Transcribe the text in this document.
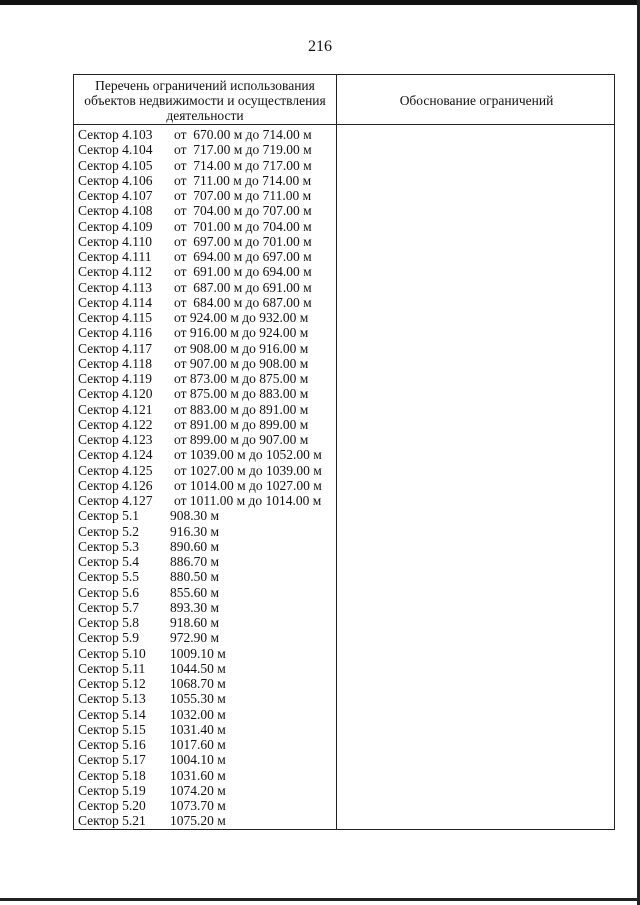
216
Перечень ограничений использования
объектов недвижимости и осуществления
деятельности
Обоснование ограничений
Сектор 4.103 от  670.00 м до 714.00 м
Сектор 4.104 от  717.00 м до 719.00 м
Сектор 4.105 от  714.00 м до 717.00 м
Сектор 4.106 от  711.00 м до 714.00 м
Сектор 4.107 от  707.00 м до 711.00 м
Сектор 4.108 от  704.00 м до 707.00 м
Сектор 4.109 от  701.00 м до 704.00 м
Сектор 4.110 от  697.00 м до 701.00 м
Сектор 4.111 от  694.00 м до 697.00 м
Сектор 4.112 от  691.00 м до 694.00 м
Сектор 4.113 от  687.00 м до 691.00 м
Сектор 4.114 от  684.00 м до 687.00 м
Сектор 4.115 от 924.00 м до 932.00 м
Сектор 4.116 от 916.00 м до 924.00 м
Сектор 4.117 от 908.00 м до 916.00 м
Сектор 4.118 от 907.00 м до 908.00 м
Сектор 4.119 от 873.00 м до 875.00 м
Сектор 4.120 от 875.00 м до 883.00 м
Сектор 4.121 от 883.00 м до 891.00 м
Сектор 4.122 от 891.00 м до 899.00 м
Сектор 4.123 от 899.00 м до 907.00 м
Сектор 4.124 от 1039.00 м до 1052.00 м
Сектор 4.125 от 1027.00 м до 1039.00 м
Сектор 4.126 от 1014.00 м до 1027.00 м
Сектор 4.127 от 1011.00 м до 1014.00 м
Сектор 5.1 908.30 м
Сектор 5.2 916.30 м
Сектор 5.3 890.60 м
Сектор 5.4 886.70 м
Сектор 5.5 880.50 м
Сектор 5.6 855.60 м
Сектор 5.7 893.30 м
Сектор 5.8 918.60 м
Сектор 5.9 972.90 м
Сектор 5.10 1009.10 м
Сектор 5.11 1044.50 м
Сектор 5.12 1068.70 м
Сектор 5.13 1055.30 м
Сектор 5.14 1032.00 м
Сектор 5.15 1031.40 м
Сектор 5.16 1017.60 м
Сектор 5.17 1004.10 м
Сектор 5.18 1031.60 м
Сектор 5.19 1074.20 м
Сектор 5.20 1073.70 м
Сектор 5.21 1075.20 м
